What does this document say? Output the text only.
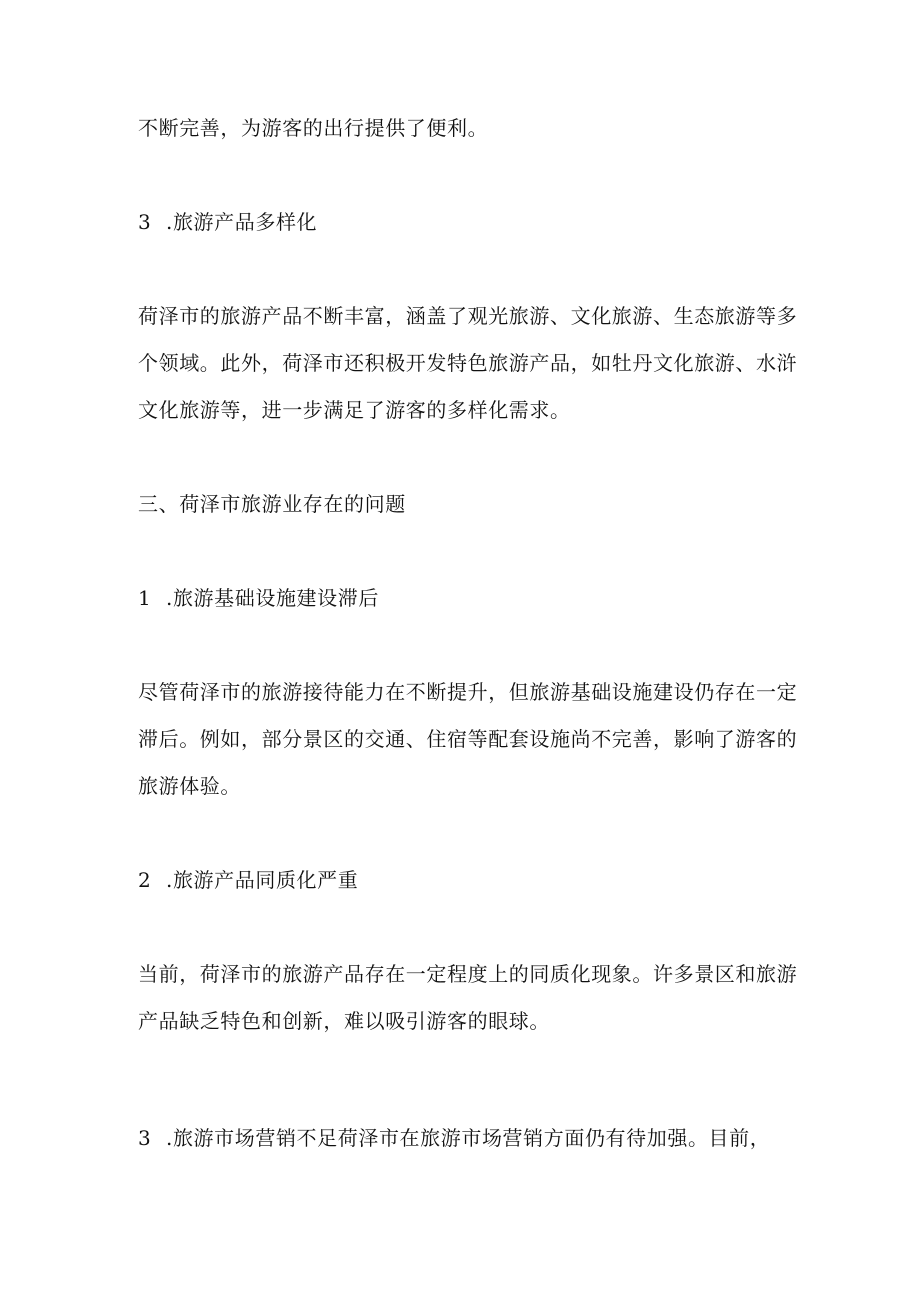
不断完善，为游客的出行提供了便利。

3 .旅游产品多样化

荷泽市的旅游产品不断丰富，涵盖了观光旅游、文化旅游、生态旅游等多个领域。此外，荷泽市还积极开发特色旅游产品，如牡丹文化旅游、水浒文化旅游等，进一步满足了游客的多样化需求。

三、荷泽市旅游业存在的问题

1 .旅游基础设施建设滞后

尽管荷泽市的旅游接待能力在不断提升，但旅游基础设施建设仍存在一定滞后。例如，部分景区的交通、住宿等配套设施尚不完善，影响了游客的旅游体验。

2 .旅游产品同质化严重

当前，荷泽市的旅游产品存在一定程度上的同质化现象。许多景区和旅游产品缺乏特色和创新，难以吸引游客的眼球。

3 .旅游市场营销不足荷泽市在旅游市场营销方面仍有待加强。目前，
